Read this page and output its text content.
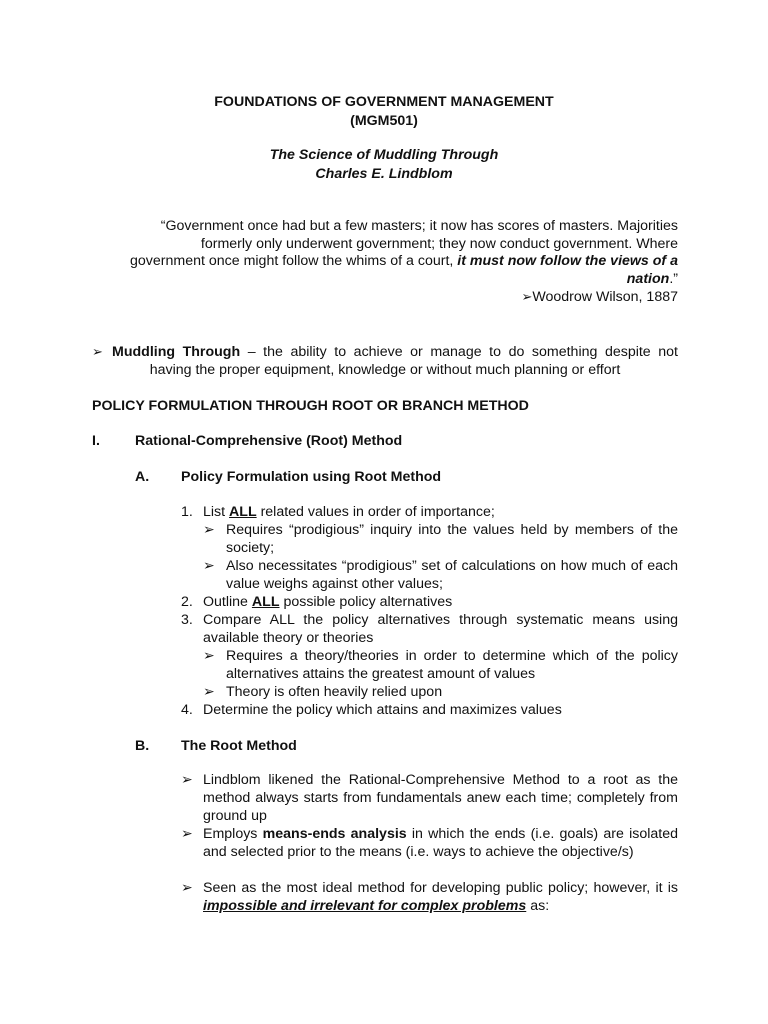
FOUNDATIONS OF GOVERNMENT MANAGEMENT
(MGM501)
The Science of Muddling Through
Charles E. Lindblom
“Government once had but a few masters; it now has scores of masters. Majorities
formerly only underwent government; they now conduct government. Where
government once might follow the whims of a court, it must now follow the views of a
nation.”
➢Woodrow Wilson, 1887
➢ Muddling Through – the ability to achieve or manage to do something despite not
having the proper equipment, knowledge or without much planning or effort
POLICY FORMULATION THROUGH ROOT OR BRANCH METHOD
I. Rational-Comprehensive (Root) Method
A. Policy Formulation using Root Method
1. List ALL related values in order of importance;
➢ Requires “prodigious” inquiry into the values held by members of the society;
➢ Also necessitates “prodigious” set of calculations on how much of each value weighs against other values;
2. Outline ALL possible policy alternatives
3. Compare ALL the policy alternatives through systematic means using available theory or theories
➢ Requires a theory/theories in order to determine which of the policy alternatives attains the greatest amount of values
➢ Theory is often heavily relied upon
4. Determine the policy which attains and maximizes values
B. The Root Method
➢ Lindblom likened the Rational-Comprehensive Method to a root as the method always starts from fundamentals anew each time; completely from ground up
➢ Employs means-ends analysis in which the ends (i.e. goals) are isolated and selected prior to the means (i.e. ways to achieve the objective/s)
➢ Seen as the most ideal method for developing public policy; however, it is impossible and irrelevant for complex problems as:
